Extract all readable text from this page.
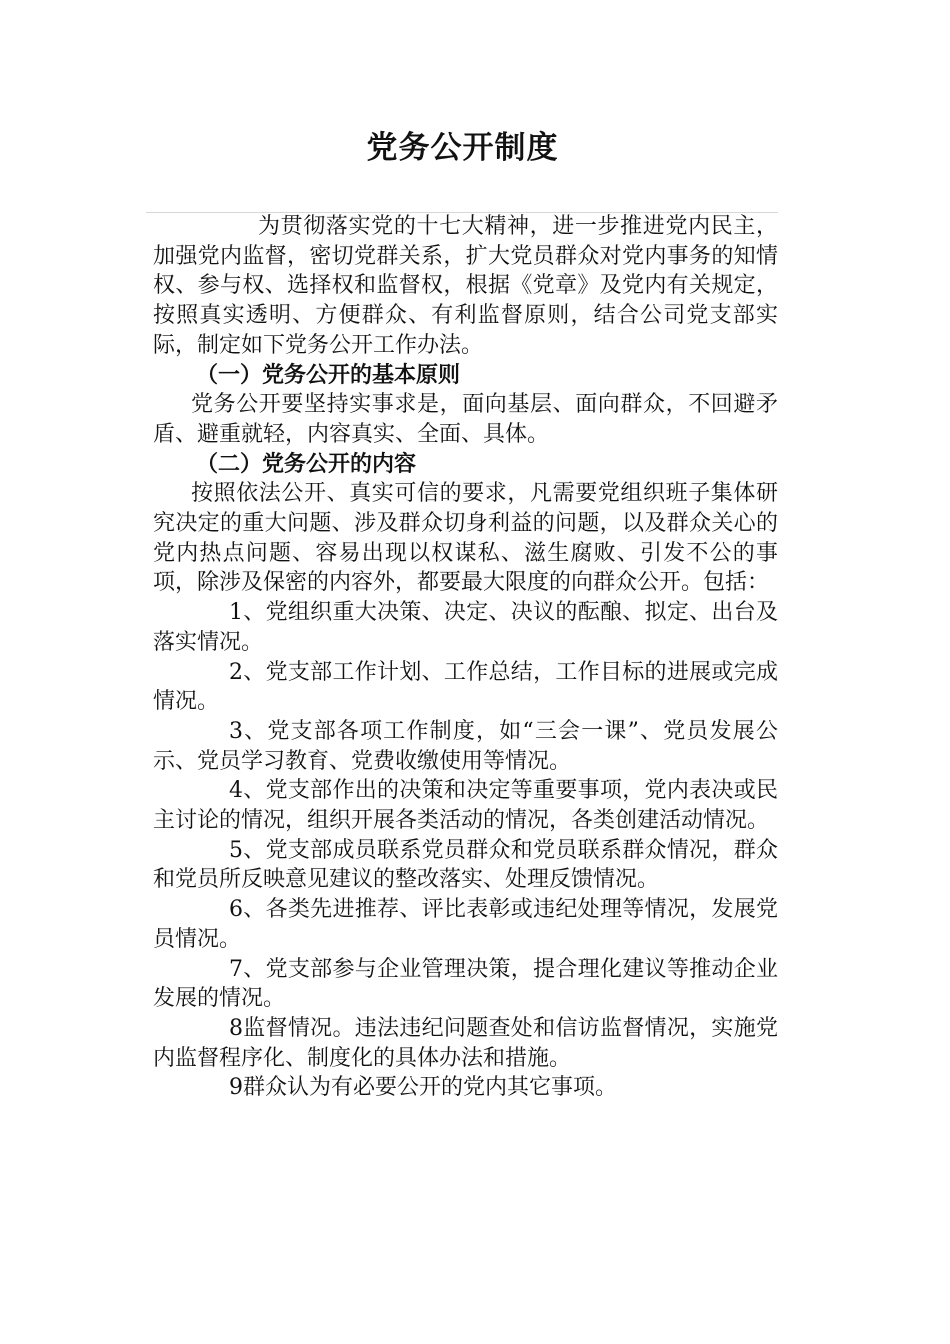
党务公开制度

为贯彻落实党的十七大精神，进一步推进党内民主，加强党内监督，密切党群关系，扩大党员群众对党内事务的知情权、参与权、选择权和监督权，根据《党章》及党内有关规定，按照真实透明、方便群众、有利监督原则，结合公司党支部实际，制定如下党务公开工作办法。

（一）党务公开的基本原则

党务公开要坚持实事求是，面向基层、面向群众，不回避矛盾、避重就轻，内容真实、全面、具体。

（二）党务公开的内容

按照依法公开、真实可信的要求，凡需要党组织班子集体研究决定的重大问题、涉及群众切身利益的问题，以及群众关心的党内热点问题、容易出现以权谋私、滋生腐败、引发不公的事项，除涉及保密的内容外，都要最大限度的向群众公开。包括：

1、党组织重大决策、决定、决议的酝酿、拟定、出台及落实情况。

2、党支部工作计划、工作总结，工作目标的进展或完成情况。

3、党支部各项工作制度，如“三会一课”、党员发展公示、党员学习教育、党费收缴使用等情况。

4、党支部作出的决策和决定等重要事项，党内表决或民主讨论的情况，组织开展各类活动的情况，各类创建活动情况。

5、党支部成员联系党员群众和党员联系群众情况，群众和党员所反映意见建议的整改落实、处理反馈情况。

6、各类先进推荐、评比表彰或违纪处理等情况，发展党员情况。

7、党支部参与企业管理决策，提合理化建议等推动企业发展的情况。

8监督情况。违法违纪问题查处和信访监督情况，实施党内监督程序化、制度化的具体办法和措施。

9群众认为有必要公开的党内其它事项。
